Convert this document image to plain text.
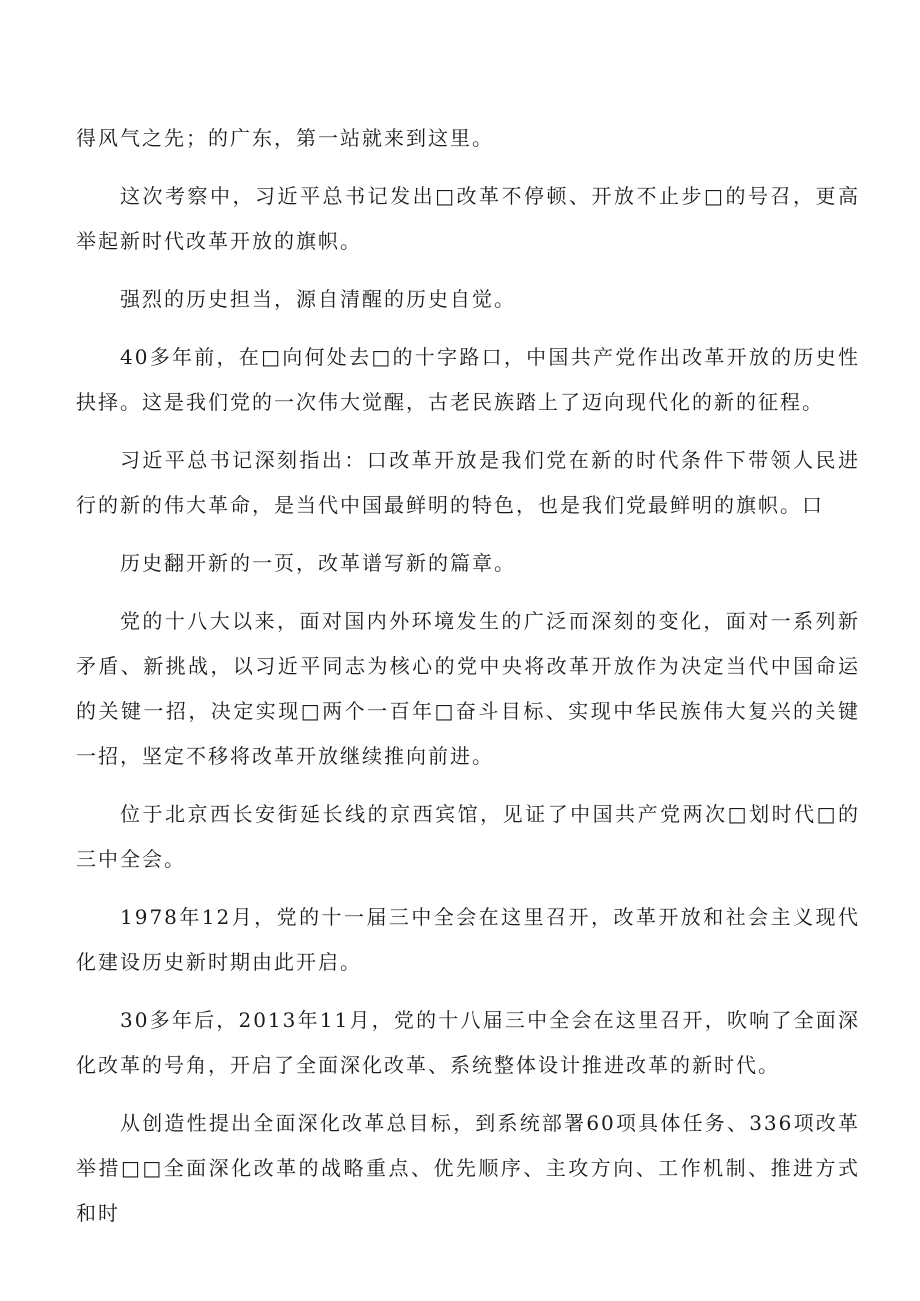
得风气之先；的广东，第一站就来到这里。

这次考察中，习近平总书记发出□改革不停顿、开放不止步□的号召，更高举起新时代改革开放的旗帜。

强烈的历史担当，源自清醒的历史自觉。

40多年前，在□向何处去□的十字路口，中国共产党作出改革开放的历史性抉择。这是我们党的一次伟大觉醒，古老民族踏上了迈向现代化的新的征程。

习近平总书记深刻指出：口改革开放是我们党在新的时代条件下带领人民进行的新的伟大革命，是当代中国最鲜明的特色，也是我们党最鲜明的旗帜。口

历史翻开新的一页，改革谱写新的篇章。

党的十八大以来，面对国内外环境发生的广泛而深刻的变化，面对一系列新矛盾、新挑战，以习近平同志为核心的党中央将改革开放作为决定当代中国命运的关键一招，决定实现□两个一百年□奋斗目标、实现中华民族伟大复兴的关键一招，坚定不移将改革开放继续推向前进。

位于北京西长安街延长线的京西宾馆，见证了中国共产党两次□划时代□的三中全会。

1978年12月，党的十一届三中全会在这里召开，改革开放和社会主义现代化建设历史新时期由此开启。

30多年后，2013年11月，党的十八届三中全会在这里召开，吹响了全面深化改革的号角，开启了全面深化改革、系统整体设计推进改革的新时代。

从创造性提出全面深化改革总目标，到系统部署60项具体任务、336项改革举措□□全面深化改革的战略重点、优先顺序、主攻方向、工作机制、推进方式和时
